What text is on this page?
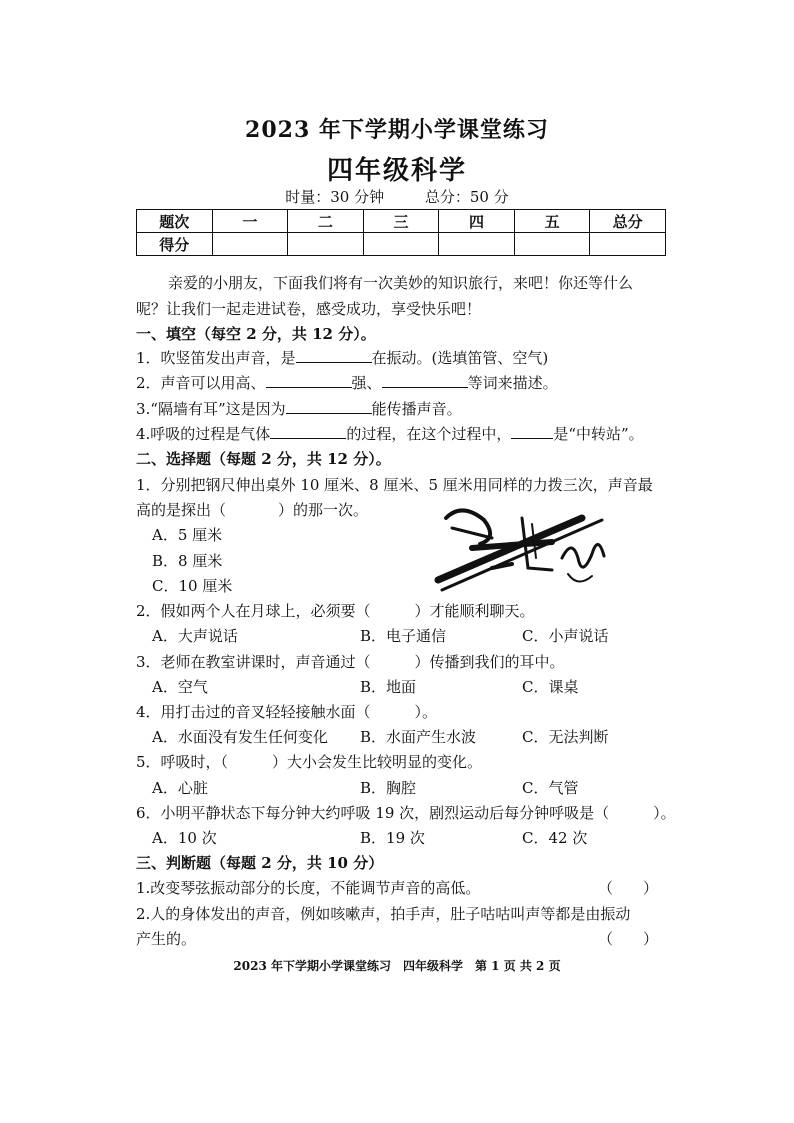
2023 年下学期小学课堂练习
四年级科学
时量：30 分钟	总分：50 分
题次	一	二	三	四	五	总分
得分						
亲爱的小朋友，下面我们将有一次美妙的知识旅行，来吧！你还等什么
呢？让我们一起走进试卷，感受成功，享受快乐吧！
一、填空（每空 2 分，共 12 分）。
1．吹竖笛发出声音，是	在振动。(选填笛管、空气)
2．声音可以用高、	强、	等词来描述。
3.“隔墙有耳”这是因为	能传播声音。
4.呼吸的过程是气体	的过程，在这个过程中，	是“中转站”。
二、选择题（每题 2 分，共 12 分）。
1．分别把钢尺伸出桌外 10 厘米、8 厘米、5 厘米用同样的力拨三次，声音最
高的是探出（	）的那一次。
A．5 厘米
B．8 厘米
C．10 厘米
2．假如两个人在月球上，必须要（	）才能顺利聊天。
A．大声说话	B．电子通信	C．小声说话
3．老师在教室讲课时，声音通过（	）传播到我们的耳中。
A．空气	B．地面	C．课桌
4．用打击过的音叉轻轻接触水面（	）。
A．水面没有发生任何变化 B．水面产生水波	C．无法判断
5．呼吸时，（	）大小会发生比较明显的变化。
A．心脏	B．胸腔	C．气管
6．小明平静状态下每分钟大约呼吸 19 次，剧烈运动后每分钟呼吸是（	）。
A．10 次	B．19 次	C．42 次
三、判断题（每题 2 分，共 10 分）
1.改变琴弦振动部分的长度，不能调节声音的高低。	（ ）
2.人的身体发出的声音，例如咳嗽声，拍手声，肚子咕咕叫声等都是由振动
产生的。	（ ）
2023 年下学期小学课堂练习　四年级科学　第 1 页 共 2 页
